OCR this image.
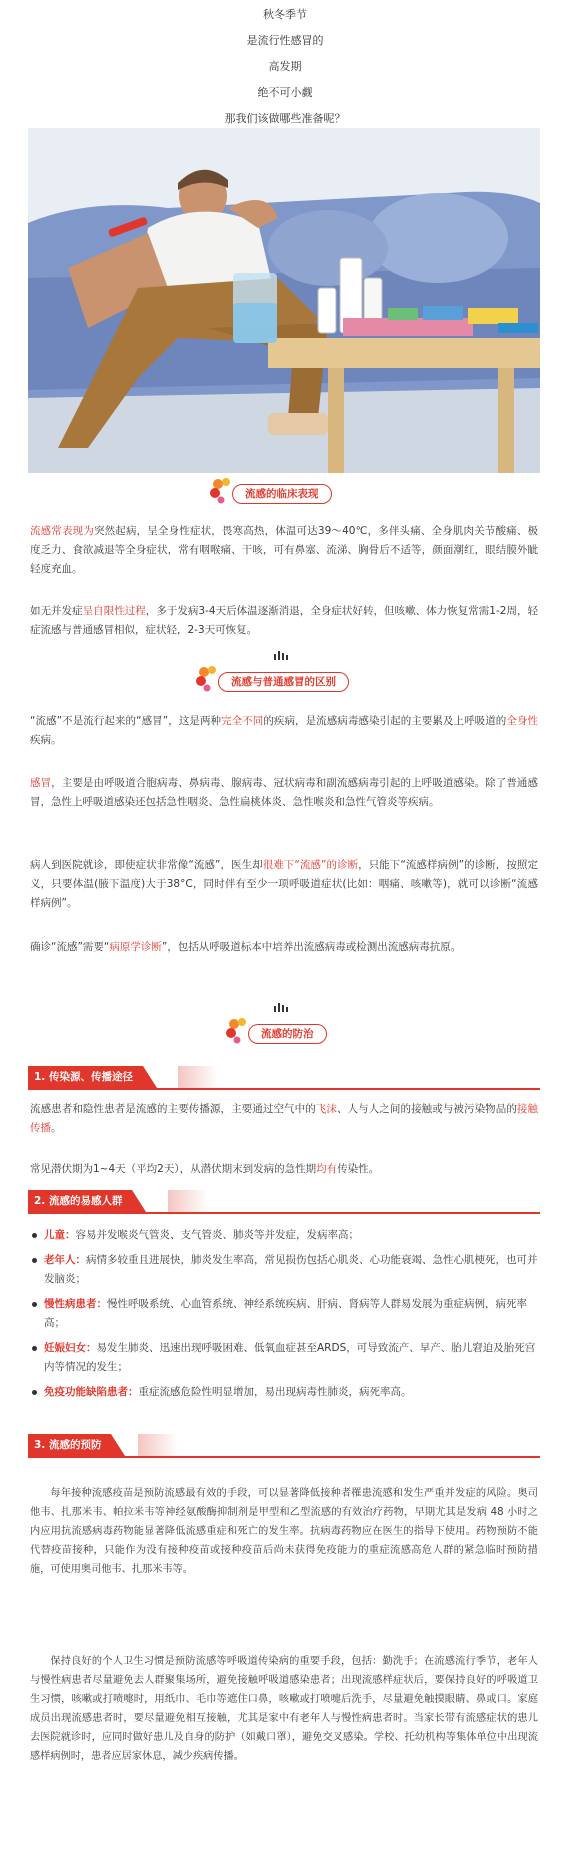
秋冬季节
是流行性感冒的
高发期
绝不可小觑
那我们该做哪些准备呢？
流感的临床表现
流感常表现为突然起病，呈全身性症状，畏寒高热，体温可达39～40℃，多伴头痛、全身肌肉关节酸痛、极度乏力、食欲减退等全身症状，常有咽喉痛、干咳，可有鼻塞、流涕、胸骨后不适等，颜面潮红，眼结膜外眦轻度充血。
如无并发症呈自限性过程，多于发病3-4天后体温逐渐消退，全身症状好转，但咳嗽、体力恢复常需1-2周，轻症流感与普通感冒相似，症状轻，2-3天可恢复。
流感与普通感冒的区别
“流感”不是流行起来的“感冒”，这是两种完全不同的疾病，是流感病毒感染引起的主要累及上呼吸道的全身性疾病。
感冒，主要是由呼吸道合胞病毒、鼻病毒、腺病毒、冠状病毒和副流感病毒引起的上呼吸道感染。除了普通感冒，急性上呼吸道感染还包括急性咽炎、急性扁桃体炎、急性喉炎和急性气管炎等疾病。
病人到医院就诊，即使症状非常像“流感”，医生却很难下“流感”的诊断，只能下“流感样病例”的诊断，按照定义，只要体温(腋下温度)大于38°C，同时伴有至少一项呼吸道症状(比如：咽痛、咳嗽等)，就可以诊断“流感样病例”。
确诊“流感”需要“病原学诊断”，包括从呼吸道标本中培养出流感病毒或检测出流感病毒抗原。
流感的防治
1. 传染源、传播途径
流感患者和隐性患者是流感的主要传播源，主要通过空气中的飞沫、人与人之间的接触或与被污染物品的接触传播。
常见潜伏期为1~4天（平均2天），从潜伏期末到发病的急性期均有传染性。
2. 流感的易感人群
儿童：容易并发喉炎气管炎、支气管炎、肺炎等并发症，发病率高；
老年人：病情多较重且进展快，肺炎发生率高，常见损伤包括心肌炎、心功能衰竭、急性心肌梗死，也可并发脑炎；
慢性病患者：慢性呼吸系统、心血管系统、神经系统疾病、肝病、肾病等人群易发展为重症病例，病死率高；
妊娠妇女：易发生肺炎、迅速出现呼吸困难、低氧血症甚至ARDS，可导致流产、早产、胎儿窘迫及胎死宫内等情况的发生；
免疫功能缺陷患者：重症流感危险性明显增加，易出现病毒性肺炎，病死率高。
3. 流感的预防
每年接种流感疫苗是预防流感最有效的手段，可以显著降低接种者罹患流感和发生严重并发症的风险。奥司他韦、扎那米韦、帕拉米韦等神经氨酸酶抑制剂是甲型和乙型流感的有效治疗药物，早期尤其是发病 48 小时之内应用抗流感病毒药物能显著降低流感重症和死亡的发生率。抗病毒药物应在医生的指导下使用。药物预防不能代替疫苗接种，只能作为没有接种疫苗或接种疫苗后尚未获得免疫能力的重症流感高危人群的紧急临时预防措施，可使用奥司他韦、扎那米韦等。
保持良好的个人卫生习惯是预防流感等呼吸道传染病的重要手段，包括：勤洗手；在流感流行季节，老年人与慢性病患者尽量避免去人群聚集场所，避免接触呼吸道感染患者；出现流感样症状后，要保持良好的呼吸道卫生习惯，咳嗽或打喷嚏时，用纸巾、毛巾等遮住口鼻，咳嗽或打喷嚏后洗手，尽量避免触摸眼睛、鼻或口。家庭成员出现流感患者时，要尽量避免相互接触，尤其是家中有老年人与慢性病患者时。当家长带有流感症状的患儿去医院就诊时，应同时做好患儿及自身的防护（如戴口罩），避免交叉感染。学校、托幼机构等集体单位中出现流感样病例时，患者应居家休息，减少疾病传播。
